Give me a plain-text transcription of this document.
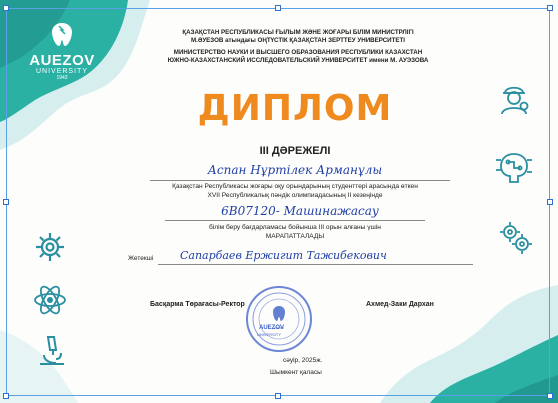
AUEZOV
UNIVERSITY
1943
ҚАЗАҚСТАН РЕСПУБЛИКАСЫ ҒЫЛЫМ ЖӘНЕ ЖОҒАРЫ БІЛІМ МИНИСТРЛІГІ
М.ӘУЕЗОВ атындағы ОҢТҮСТІК ҚАЗАҚСТАН ЗЕРТТЕУ УНИВЕРСИТЕТІ
МИНИСТЕРСТВО НАУКИ И ВЫСШЕГО ОБРАЗОВАНИЯ РЕСПУБЛИКИ КАЗАХСТАН
ЮЖНО-КАЗАХСТАНСКИЙ ИССЛЕДОВАТЕЛЬСКИЙ УНИВЕРСИТЕТ имени М. АУЭЗОВА
ДИПЛОМ
III ДӘРЕЖЕЛІ
Аспан Нұртілек Арманұлы
Қазақстан Республикасы жоғары оқу орындарының студенттері арасында өткен
XVII Республикалық пәндік олимпиадасының II кезеңінде
6В07120- Машинажасау
білім беру бағдарламасы бойынша III орын алғаны үшін
МАРАПАТТАЛАДЫ
Жетекші Сапарбаев Ержигит Тажибекович
Басқарма Төрағасы-Ректор	Ахмед-Заки Дархан
AUEZOV
UNIVERSITY
сәуір, 2025ж.
Шымкент қаласы
